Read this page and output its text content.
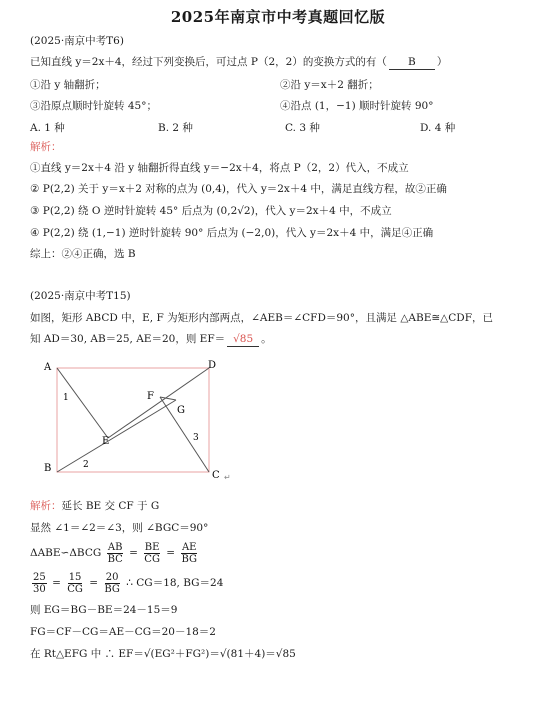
2025年南京市中考真题回忆版
(2025·南京中考T6)
已知直线 y＝2x＋4，经过下列变换后，可过点 P（2，2）的变换方式的有（ B ）
①沿 y 轴翻折；	②沿 y＝x＋2 翻折；
③沿原点顺时针旋转 45°；	④沿点 (1，−1) 顺时针旋转 90°
A. 1 种	B. 2 种	C. 3 种	D. 4 种
解析：
①直线 y＝2x＋4 沿 y 轴翻折得直线 y＝−2x＋4，将点 P（2，2）代入，不成立
② P(2,2) 关于 y＝x＋2 对称的点为 (0,4)，代入 y＝2x＋4 中，满足直线方程，故②正确
③ P(2,2) 绕 O 逆时针旋转 45° 后点为 (0,2√2)，代入 y＝2x＋4 中，不成立
④ P(2,2) 绕 (1,−1) 逆时针旋转 90° 后点为 (−2,0)，代入 y＝2x＋4 中，满足④正确
综上：②④正确，选 B
(2025·南京中考T15)
如图，矩形 ABCD 中，E, F 为矩形内部两点，∠AEB＝∠CFD＝90°，且满足 △ABE≅△CDF，已
知 AD＝30, AB＝25, AE＝20，则 EF＝ √85 。
A	D
B
C ↵
E
F
G
1
2
3
解析：延长 BE 交 CF 于 G
显然 ∠1＝∠2＝∠3，则 ∠BGC＝90°
ΔABE∽ΔBCG $\frac{AB}{BC} = \frac{BE}{CG} = \frac{AE}{BG}$
$\frac{25}{30} = \frac{15}{CG} = \frac{20}{BG}$ ∴ CG＝18, BG＝24
则 EG＝BG－BE＝24－15＝9
FG＝CF－CG＝AE－CG＝20－18＝2
在 Rt△EFG 中 ∴ EF＝√(EG²＋FG²)＝√(81＋4)＝√85
